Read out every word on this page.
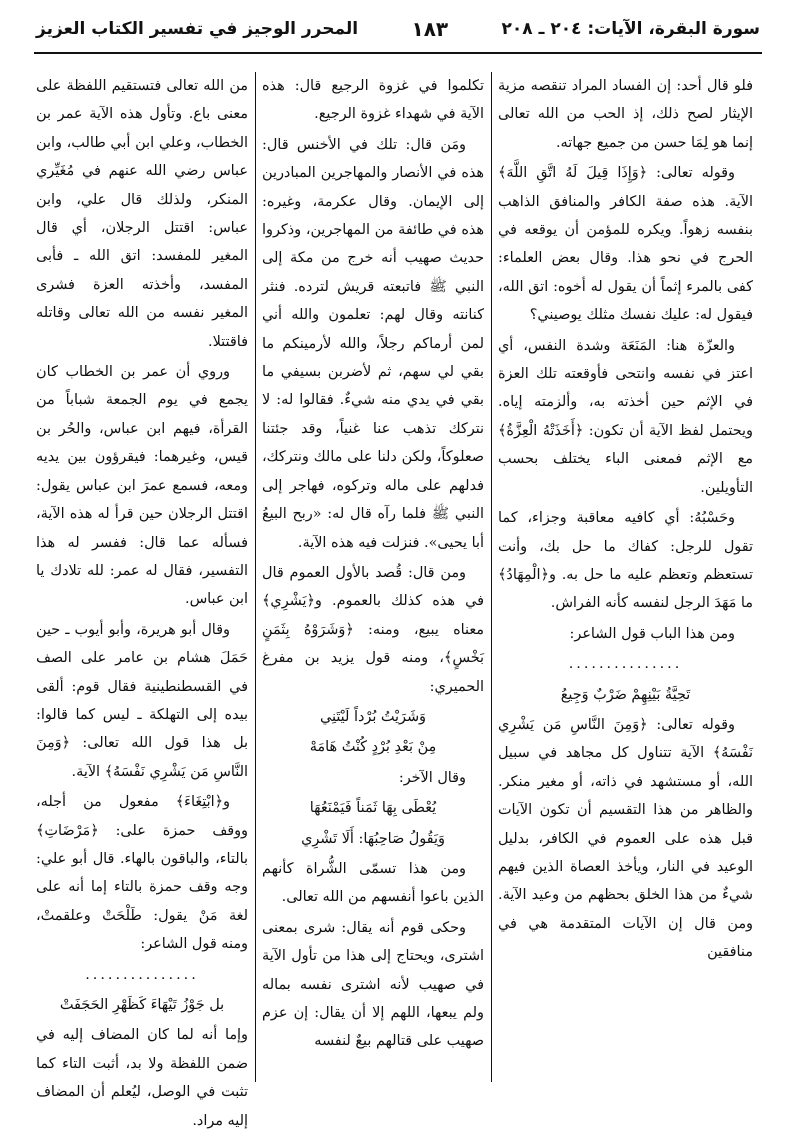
سورة البقرة، الآيات: ٢٠٤ ـ ٢٠٨
١٨٣
المحرر الوجيز في تفسير الكتاب العزيز

فلو قال أحد: إن الفساد المراد تنقصه مزية الإيثار لصح ذلك، إذ الحب من الله تعالى إنما هو لِمَا حسن من جميع جهاته.

وقوله تعالى: ﴿وَإِذَا قِيلَ لَهُ اتَّقِ اللَّهَ﴾ الآية. هذه صفة الكافر والمنافق الذاهب بنفسه زهواً. ويكره للمؤمن أن يوقعه في الحرج في نحو هذا. وقال بعض العلماء: كفى بالمرء إثماً أن يقول له أخوه: اتق الله، فيقول له: عليك نفسك مثلك يوصيني؟

والعزّة هنا: المَنَعَة وشدة النفس، أي اعتز في نفسه وانتحى فأوقعته تلك العزة في الإثم حين أخذته به، وألزمته إياه. ويحتمل لفظ الآية أن تكون: ﴿أَخَذَتْهُ الْعِزَّةُ﴾ مع الإثم فمعنى الباء يختلف بحسب التأويلين.

وحَسْبُهُ: أي كافيه معاقبة وجزاء، كما تقول للرجل: كفاك ما حل بك، وأنت تستعظم وتعظم عليه ما حل به. و﴿الْمِهَادُ﴾ ما مَهَدَ الرجل لنفسه كأنه الفراش.

ومن هذا الباب قول الشاعر:

...............

تَحِيَّةُ بَيْنِهِمْ ضَرْبٌ وَجِيعُ

وقوله تعالى: ﴿وَمِنَ النَّاسِ مَن يَشْرِي نَفْسَهُ﴾ الآية تتناول كل مجاهد في سبيل الله، أو مستشهد في ذاته، أو مغير منكر. والظاهر من هذا التقسيم أن تكون الآيات قبل هذه على العموم في الكافر، بدليل الوعيد في النار، ويأخذ العصاة الذين فيهم شيءٌ من هذا الخلق بحظهم من وعيد الآية. ومن قال إن الآيات المتقدمة هي في منافقين

تكلموا في غزوة الرجيع قال: هذه الآية في شهداء غزوة الرجيع.

ومَن قال: تلك في الأخنس قال: هذه في الأنصار والمهاجرين المبادرين إلى الإيمان. وقال عكرمة، وغيره: هذه في طائفة من المهاجرين، وذكروا حديث صهيب أنه خرج من مكة إلى النبي ﷺ فاتبعته قريش لترده. فنثر كنانته وقال لهم: تعلمون والله أني لمن أرماكم رجلاً، والله لأرمينكم ما بقي لي سهم، ثم لأضربن بسيفي ما بقي في يدي منه شيءٌ. فقالوا له: لا نتركك تذهب عنا غنياً، وقد جئتنا صعلوكاً، ولكن دلنا على مالك ونتركك، فدلهم على ماله وتركوه، فهاجر إلى النبي ﷺ فلما رآه قال له: «ربح البيعُ أبا يحيى». فنزلت فيه هذه الآية.

ومن قال: قُصد بالأول العموم قال في هذه كذلك بالعموم. و﴿يَشْرِي﴾ معناه يبيع، ومنه: ﴿وَشَرَوْهُ بِثَمَنٍ بَخْسٍ﴾، ومنه قول يزيد بن مفرغ الحميري:

وَشَرَيْتُ بُرْداً لَيْتَنِي

مِنْ بَعْدِ بُرْدٍ كُنْتُ هَامَهْ

وقال الآخر:

يُعْطَى بِهَا ثَمَناً فَيَمْنَعُهَا

وَيَقُولُ صَاحِبُهَا: أَلَا تَشْرِي

ومن هذا تسمّى الشُّراة كأنهم الذين باعوا أنفسهم من الله تعالى.

وحكى قوم أنه يقال: شرى بمعنى اشترى، ويحتاج إلى هذا من تأول الآية في صهيب لأنه اشترى نفسه بماله ولم يبعها، اللهم إلا أن يقال: إن عزم صهيب على قتالهم بيعٌ لنفسه

من الله تعالى فتستقيم اللفظة على معنى باع. وتأول هذه الآية عمر بن الخطاب، وعلي ابن أبي طالب، وابن عباس رضي الله عنهم في مُغَيِّري المنكر، ولذلك قال علي، وابن عباس: اقتتل الرجلان، أي قال المغير للمفسد: اتق الله ـ فأبى المفسد، وأخذته العزة فشرى المغير نفسه من الله تعالى وقاتله فاقتتلا.

وروي أن عمر بن الخطاب كان يجمع في يوم الجمعة شباباً من القرأة، فيهم ابن عباس، والحُر بن قيس، وغيرهما: فيقرؤون بين يديه ومعه، فسمع عمرَ ابن عباس يقول: اقتتل الرجلان حين قرأ له هذه الآية، فسأله عما قال: ففسر له هذا التفسير، فقال له عمر: لله تلادك يا ابن عباس.

وقال أبو هريرة، وأبو أيوب ـ حين حَمَلَ هشام بن عامر على الصف في القسطنطينية فقال قوم: ألقى بيده إلى التهلكة ـ ليس كما قالوا: بل هذا قول الله تعالى: ﴿وَمِنَ النَّاسِ مَن يَشْرِي نَفْسَهُ﴾ الآية.

و﴿ابْتِغَاءَ﴾ مفعول من أجله، ووقف حمزة على: ﴿مَرْضَاتِ﴾ بالتاء، والباقون بالهاء. قال أبو علي: وجه وقف حمزة بالتاء إما أنه على لغة مَنْ يقول: طَلْحَتْ وعلقمتْ، ومنه قول الشاعر:

...............

بل جَوْزُ تَيْهَاءَ كَظَهْرِ الحَجَفَتْ

وإما أنه لما كان المضاف إليه في ضمن اللفظة ولا بد، أثبت التاء كما تثبت في الوصل، ليُعلم أن المضاف إليه مراد.
